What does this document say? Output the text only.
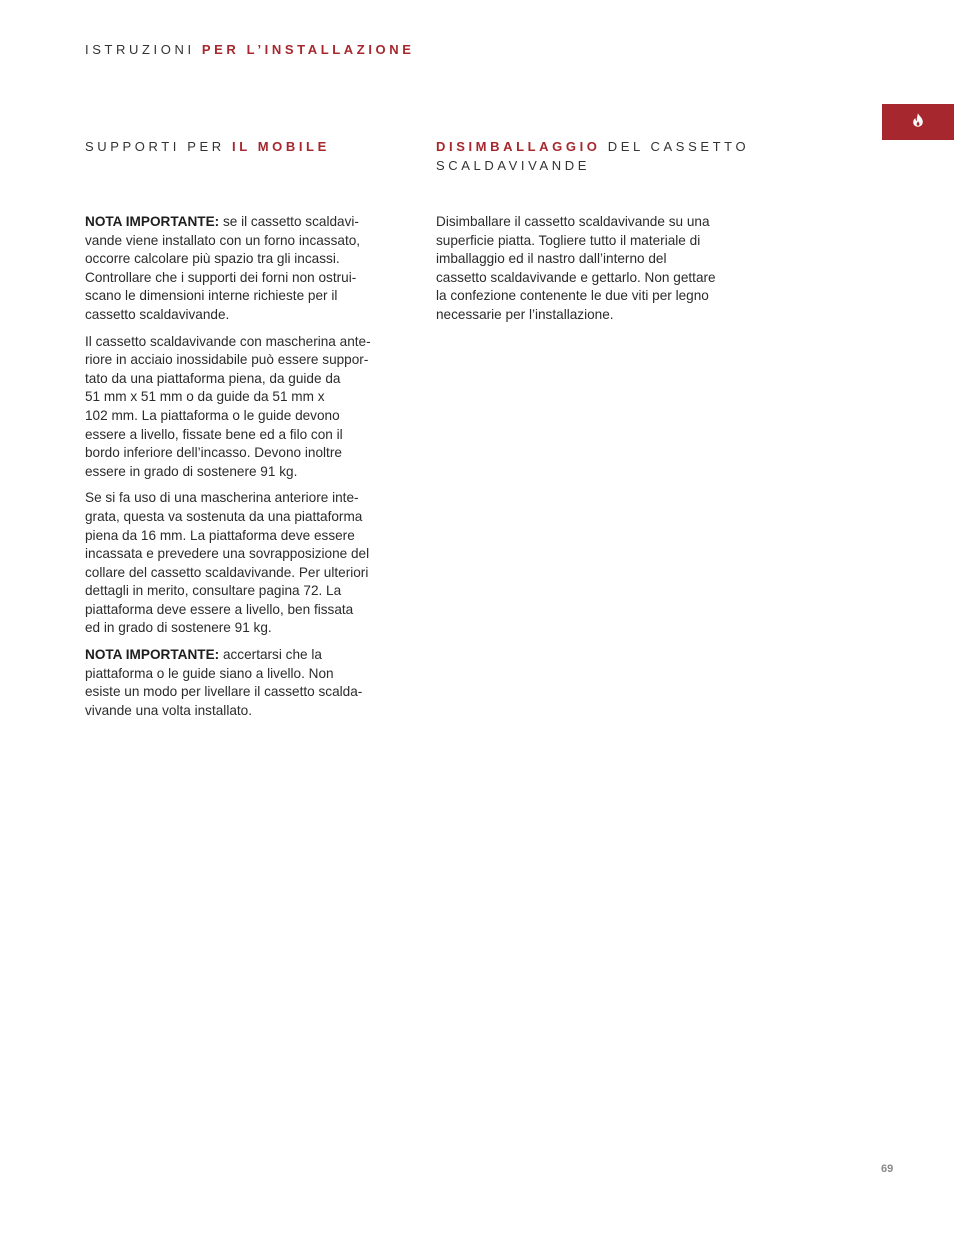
ISTRUZIONI PER L’INSTALLAZIONE
SUPPORTI PER IL MOBILE

NOTA IMPORTANTE: se il cassetto scaldavi-
vande viene installato con un forno incassato,
occorre calcolare più spazio tra gli incassi.
Controllare che i supporti dei forni non ostrui-
scano le dimensioni interne richieste per il
cassetto scaldavivande.

Il cassetto scaldavivande con mascherina ante-
riore in acciaio inossidabile può essere suppor-
tato da una piattaforma piena, da guide da
51 mm x 51 mm o da guide da 51 mm x
102 mm. La piattaforma o le guide devono
essere a livello, fissate bene ed a filo con il
bordo inferiore dell’incasso. Devono inoltre
essere in grado di sostenere 91 kg.

Se si fa uso di una mascherina anteriore inte-
grata, questa va sostenuta da una piattaforma
piena da 16 mm. La piattaforma deve essere
incassata e prevedere una sovrapposizione del
collare del cassetto scaldavivande. Per ulteriori
dettagli in merito, consultare pagina 72. La
piattaforma deve essere a livello, ben fissata
ed in grado di sostenere 91 kg.

NOTA IMPORTANTE: accertarsi che la
piattaforma o le guide siano a livello. Non
esiste un modo per livellare il cassetto scalda-
vivande una volta installato.

DISIMBALLAGGIO DEL CASSETTO
SCALDAVIVANDE

Disimballare il cassetto scaldavivande su una
superficie piatta. Togliere tutto il materiale di
imballaggio ed il nastro dall’interno del
cassetto scaldavivande e gettarlo. Non gettare
la confezione contenente le due viti per legno
necessarie per l’installazione.

69
